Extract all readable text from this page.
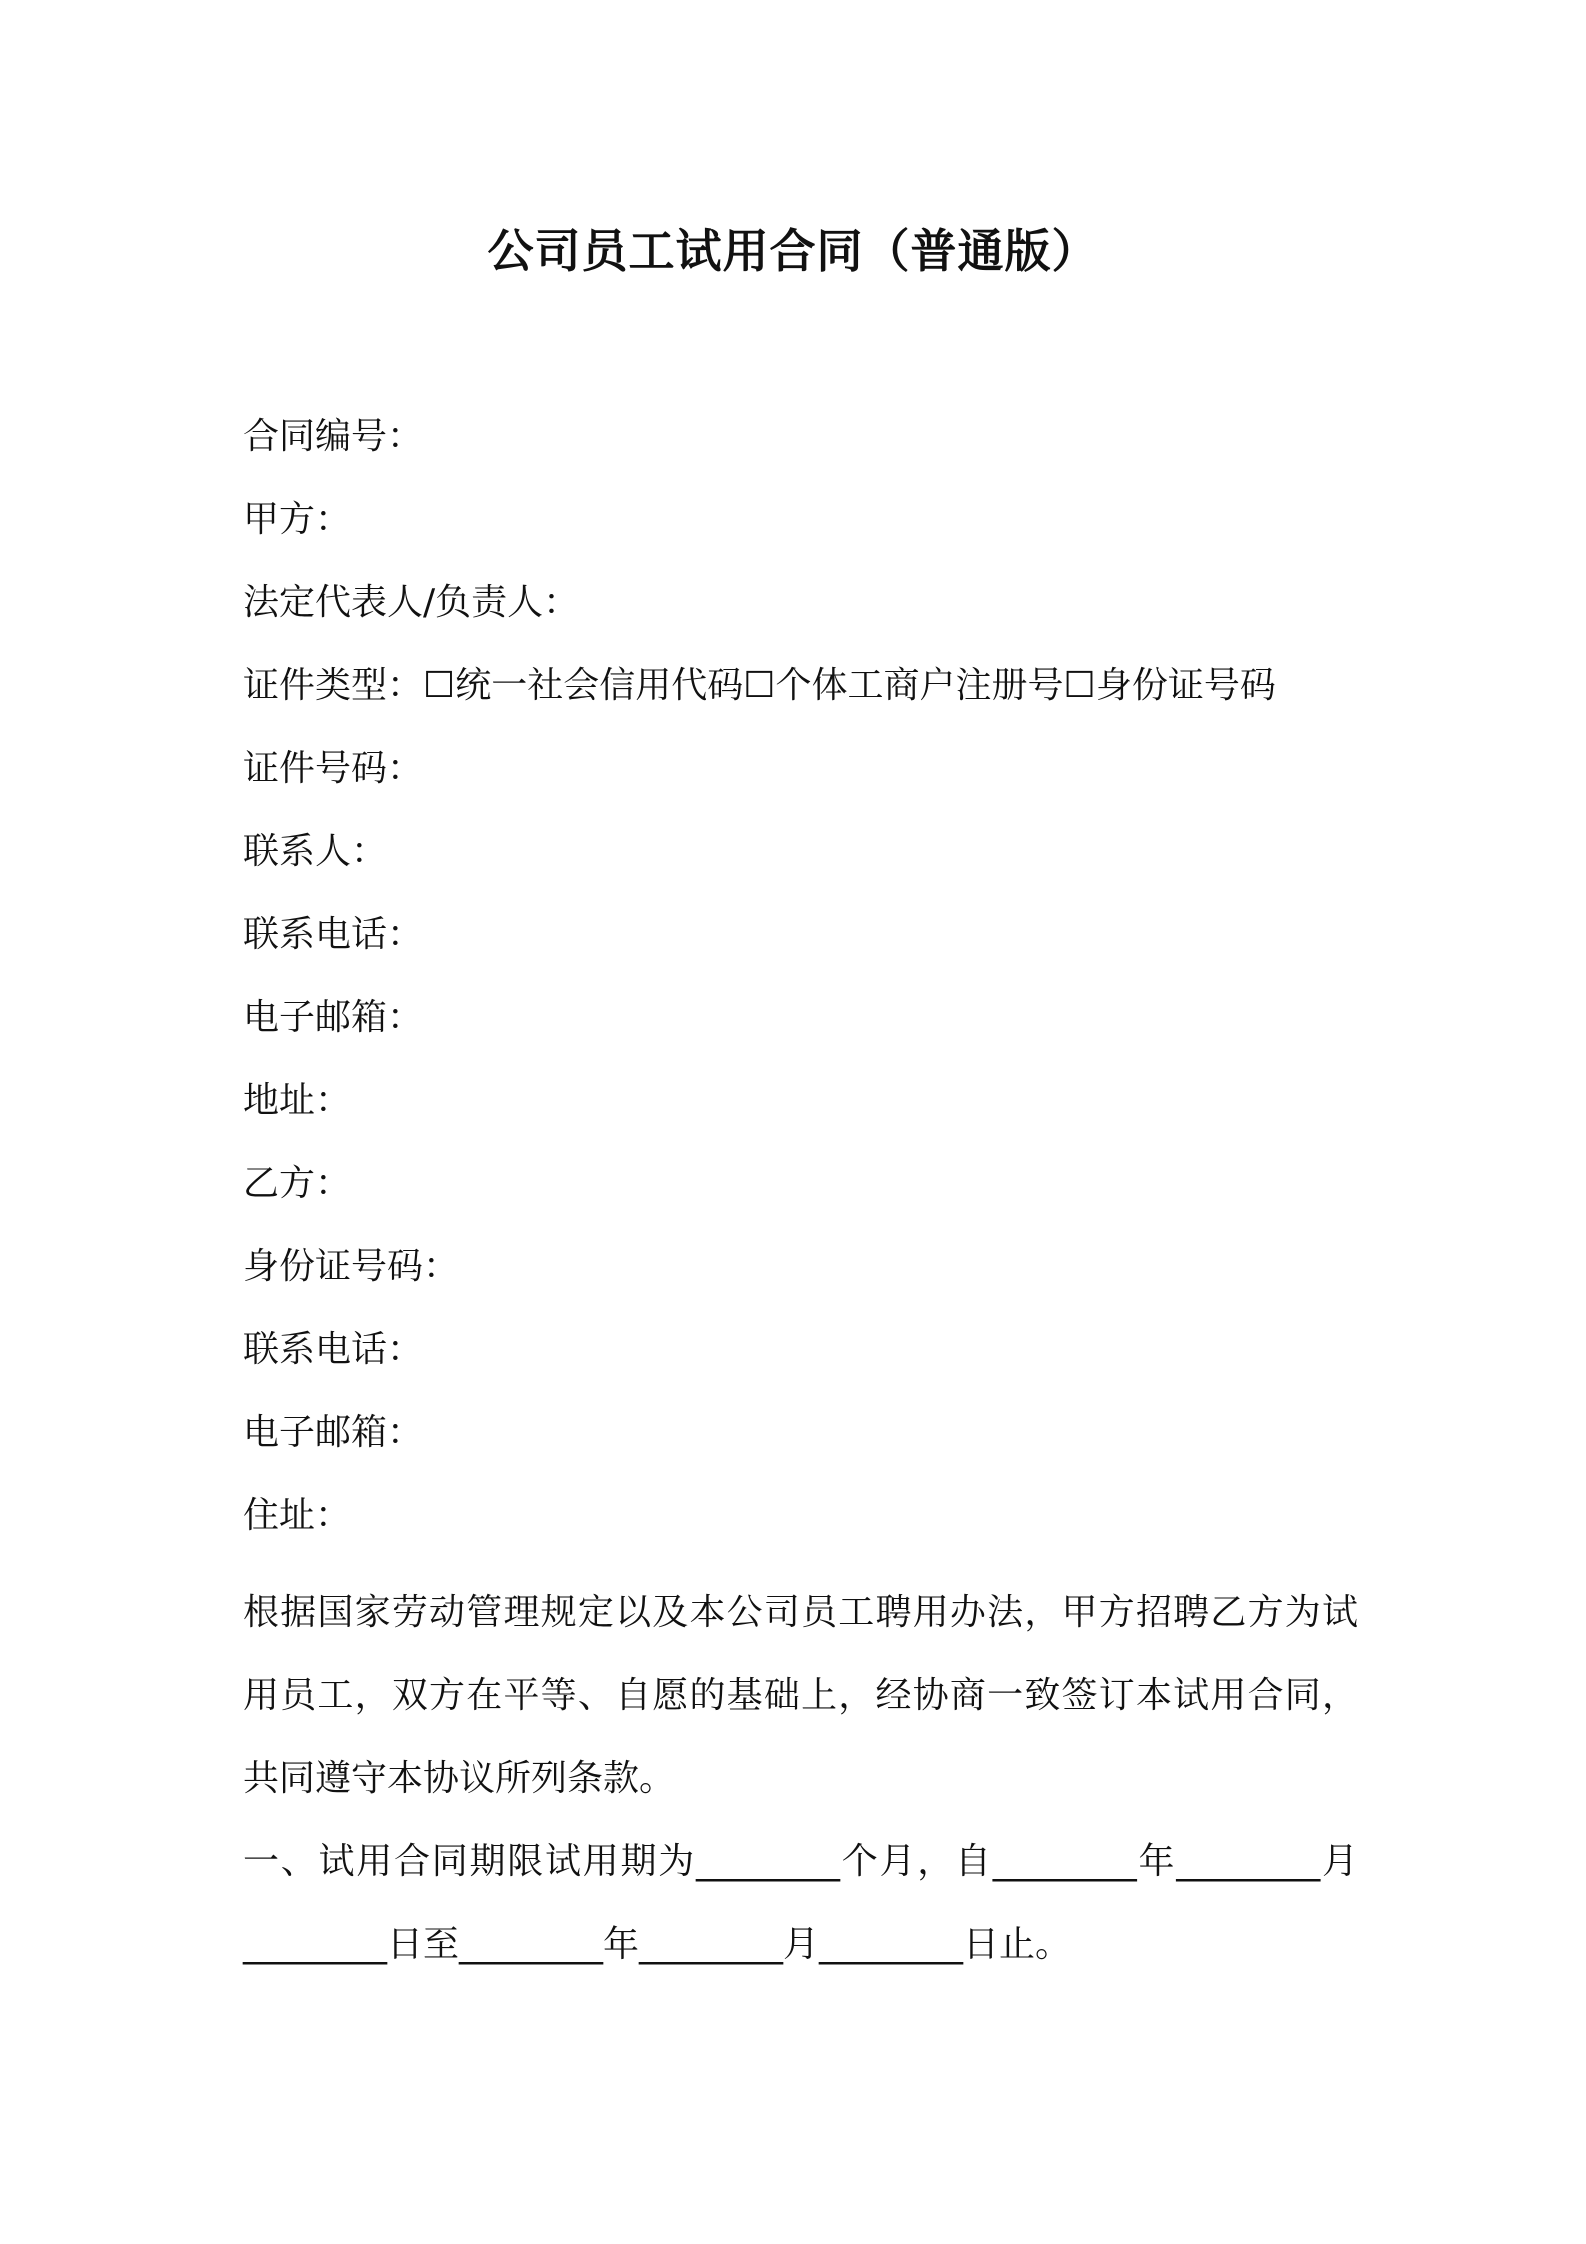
公司员工试用合同（普通版）
合同编号：
甲方：
法定代表人/负责人：
证件类型：☐统一社会信用代码☐个体工商户注册号☐身份证号码
证件号码：
联系人：
联系电话：
电子邮箱：
地址：
乙方：
身份证号码：
联系电话：
电子邮箱：
住址：

根据国家劳动管理规定以及本公司员工聘用办法，甲方招聘乙方为试用员工，双方在平等、自愿的基础上，经协商一致签订本试用合同，共同遵守本协议所列条款。

一、试用合同期限试用期为________个月，自________年________月________日至________年________月________日止。
